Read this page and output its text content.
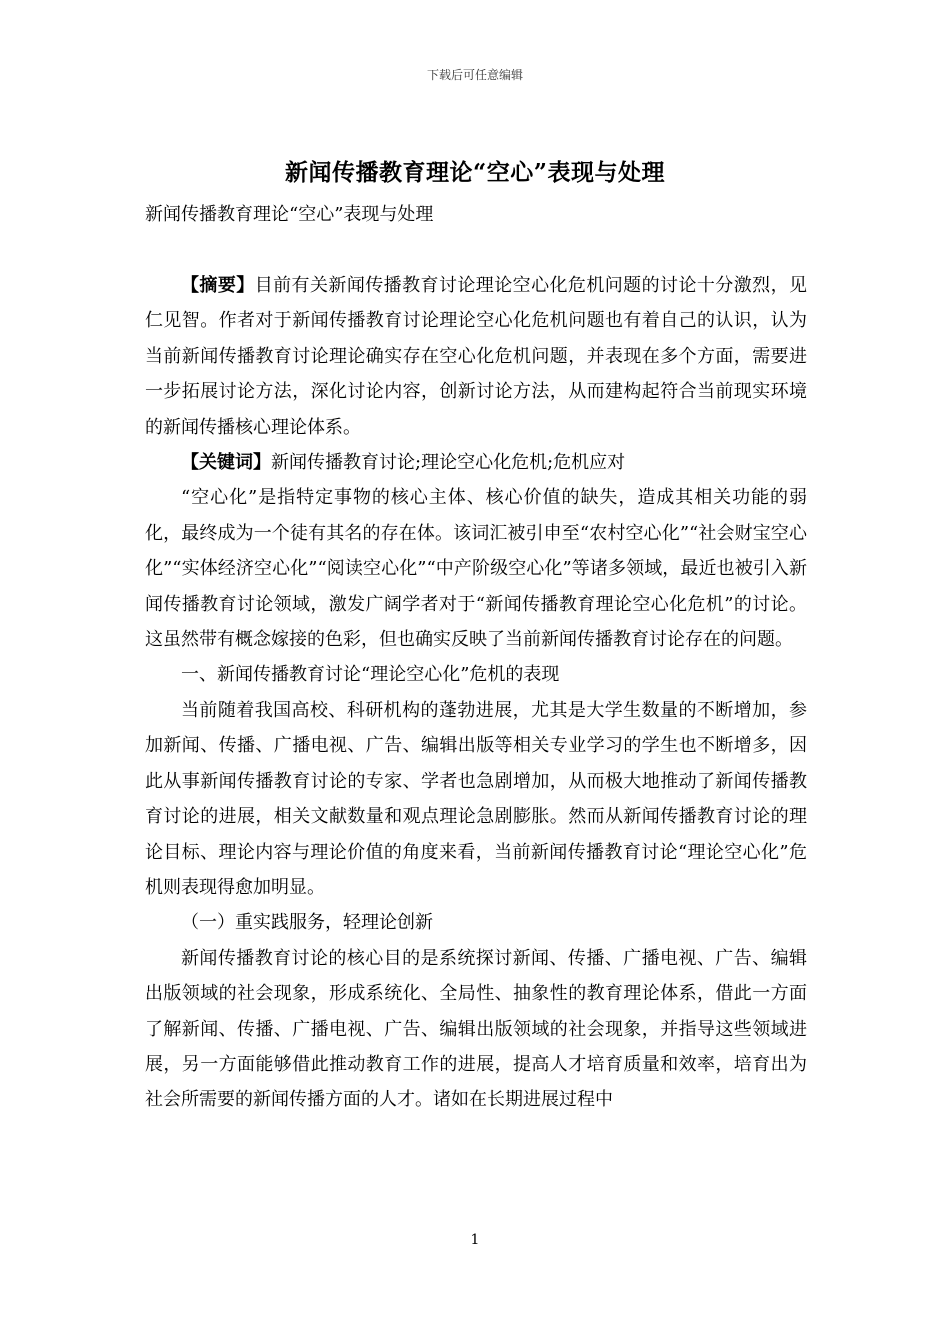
下载后可任意编辑
新闻传播教育理论“空心”表现与处理
新闻传播教育理论“空心”表现与处理

【摘要】目前有关新闻传播教育讨论理论空心化危机问题的讨论十分激烈，见仁见智。作者对于新闻传播教育讨论理论空心化危机问题也有着自己的认识，认为当前新闻传播教育讨论理论确实存在空心化危机问题，并表现在多个方面，需要进一步拓展讨论方法，深化讨论内容，创新讨论方法，从而建构起符合当前现实环境的新闻传播核心理论体系。

【关键词】新闻传播教育讨论;理论空心化危机;危机应对

“空心化”是指特定事物的核心主体、核心价值的缺失，造成其相关功能的弱化，最终成为一个徒有其名的存在体。该词汇被引申至“农村空心化”“社会财宝空心化”“实体经济空心化”“阅读空心化”“中产阶级空心化”等诸多领域，最近也被引入新闻传播教育讨论领域，激发广阔学者对于“新闻传播教育理论空心化危机”的讨论。这虽然带有概念嫁接的色彩，但也确实反映了当前新闻传播教育讨论存在的问题。

一、新闻传播教育讨论“理论空心化”危机的表现

当前随着我国高校、科研机构的蓬勃进展，尤其是大学生数量的不断增加，参加新闻、传播、广播电视、广告、编辑出版等相关专业学习的学生也不断增多，因此从事新闻传播教育讨论的专家、学者也急剧增加，从而极大地推动了新闻传播教育讨论的进展，相关文献数量和观点理论急剧膨胀。然而从新闻传播教育讨论的理论目标、理论内容与理论价值的角度来看，当前新闻传播教育讨论“理论空心化”危机则表现得愈加明显。

（一）重实践服务，轻理论创新

新闻传播教育讨论的核心目的是系统探讨新闻、传播、广播电视、广告、编辑出版领域的社会现象，形成系统化、全局性、抽象性的教育理论体系，借此一方面了解新闻、传播、广播电视、广告、编辑出版领域的社会现象，并指导这些领域进展，另一方面能够借此推动教育工作的进展，提高人才培育质量和效率，培育出为社会所需要的新闻传播方面的人才。诸如在长期进展过程中

1
